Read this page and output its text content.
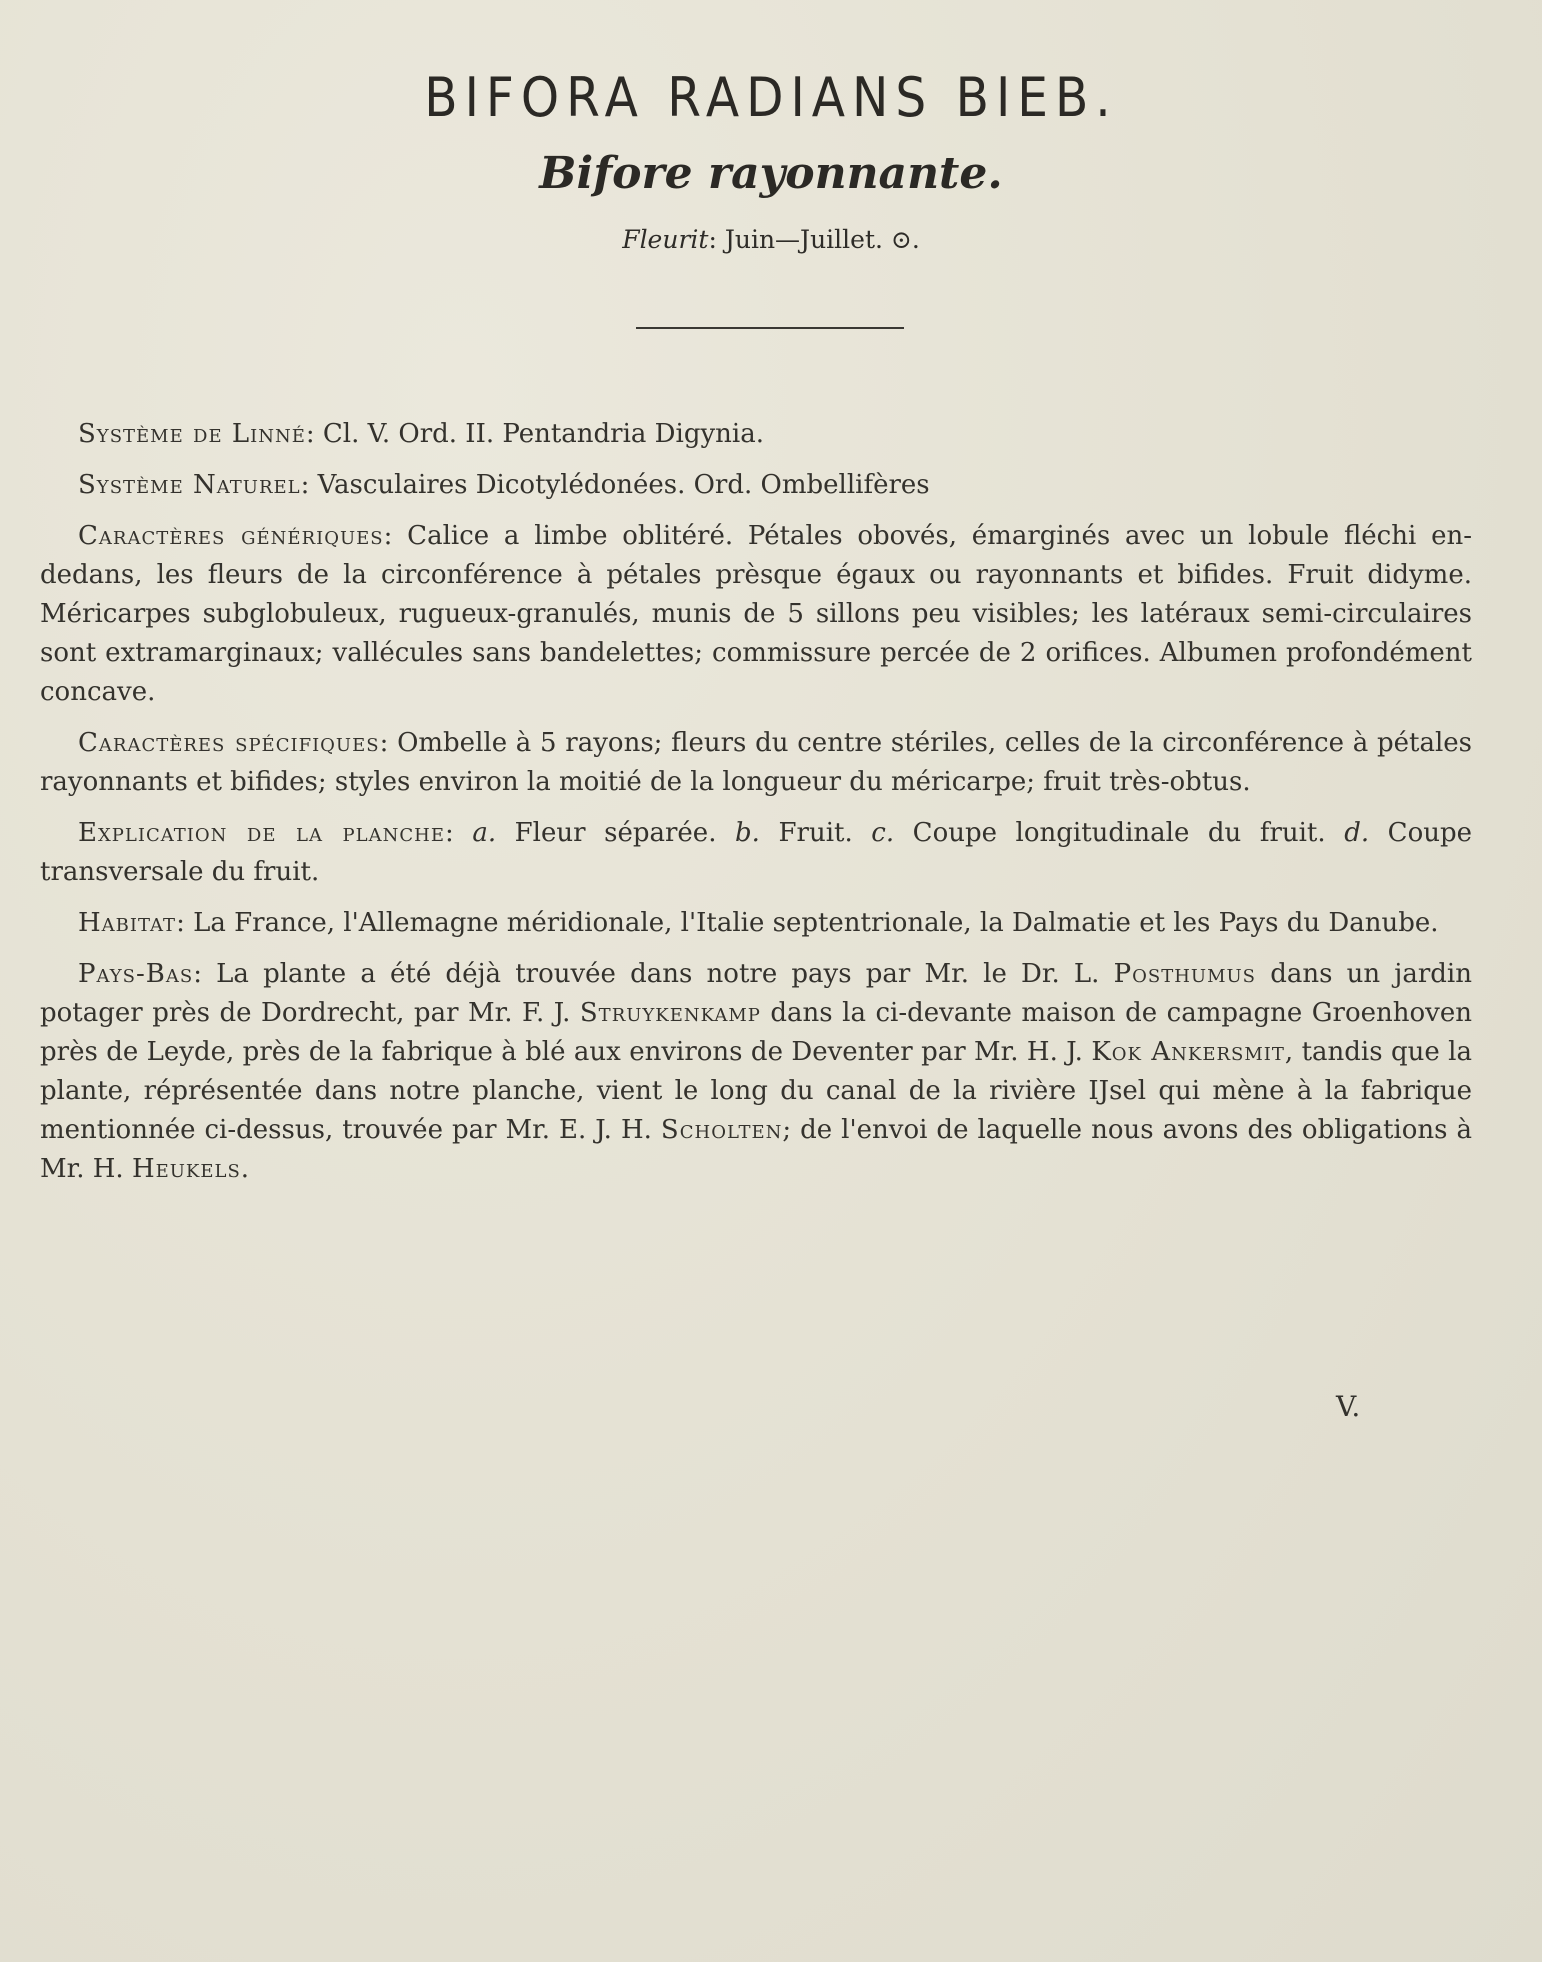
BIFORA RADIANS BIEB.
Bifore rayonnante.

Fleurit: Juin—Juillet. ⊙.

Système de Linné: Cl. V. Ord. II. Pentandria Digynia.

Système Naturel: Vasculaires Dicotylédonées. Ord. Ombellifères

Caractères génériques: Calice a limbe oblitéré. Pétales obovés, émarginés avec un lobule fléchi en-dedans, les fleurs de la circonférence à pétales prèsque égaux ou rayonnants et bifides. Fruit didyme. Méricarpes subglobuleux, rugueux-granulés, munis de 5 sillons peu visibles; les latéraux semi-circulaires sont extramarginaux; vallécules sans bandelettes; commissure percée de 2 orifices. Albumen profondément concave.

Caractères spécifiques: Ombelle à 5 rayons; fleurs du centre stériles, celles de la circonférence à pétales rayonnants et bifides; styles environ la moitié de la longueur du méricarpe; fruit très-obtus.

Explication de la planche: a. Fleur séparée. b. Fruit. c. Coupe longitudinale du fruit. d. Coupe transversale du fruit.

Habitat: La France, l'Allemagne méridionale, l'Italie septentrionale, la Dalmatie et les Pays du Danube.

Pays-Bas: La plante a été déjà trouvée dans notre pays par Mr. le Dr. L. Posthumus dans un jardin potager près de Dordrecht, par Mr. F. J. Struykenkamp dans la ci-devante maison de campagne Groenhoven près de Leyde, près de la fabrique à blé aux environs de Deventer par Mr. H. J. Kok Ankersmit, tandis que la plante, réprésentée dans notre planche, vient le long du canal de la rivière IJsel qui mène à la fabrique mentionnée ci-dessus, trouvée par Mr. E. J. H. Scholten; de l'envoi de laquelle nous avons des obligations à Mr. H. Heukels.

V.
